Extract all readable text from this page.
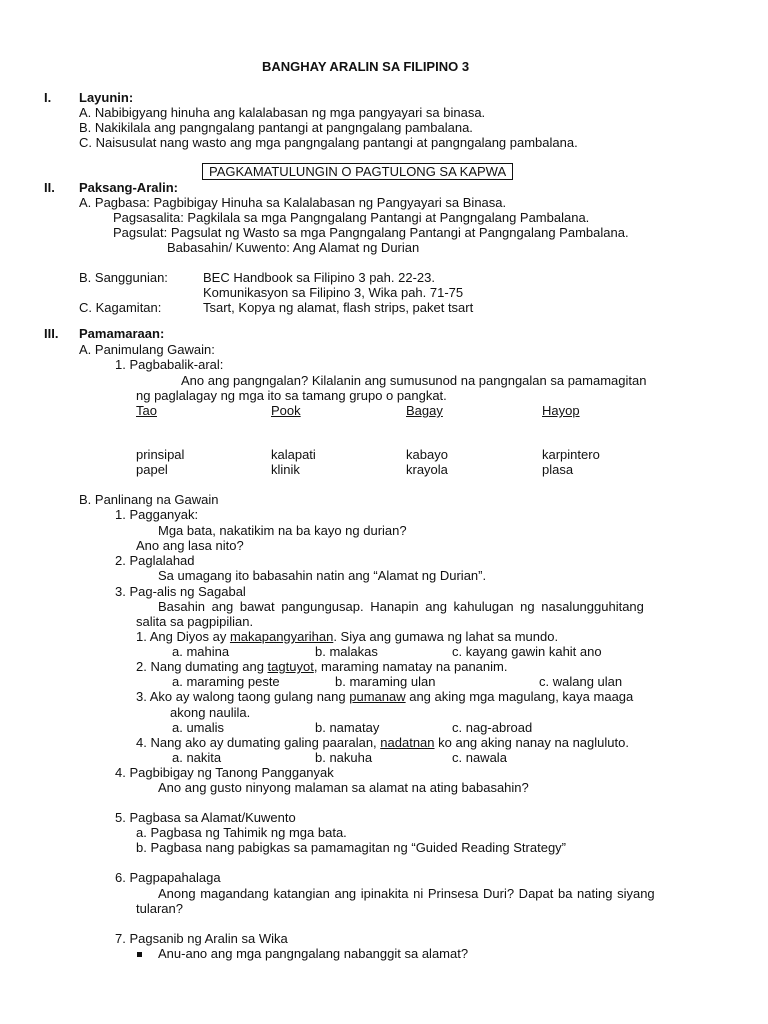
BANGHAY ARALIN SA FILIPINO 3
I. Layunin:
A. Nabibigyang hinuha ang kalalabasan ng mga pangyayari sa binasa.
B. Nakikilala ang pangngalang pantangi at pangngalang pambalana.
C. Naisusulat nang wasto ang mga pangngalang pantangi at pangngalang pambalana.
PAGKAMATULUNGIN O PAGTULONG SA KAPWA
II. Paksang-Aralin:
A. Pagbasa: Pagbibigay Hinuha sa Kalalabasan ng Pangyayari sa Binasa.
Pagsasalita: Pagkilala sa mga Pangngalang Pantangi at Pangngalang Pambalana.
Pagsulat: Pagsulat ng Wasto sa mga Pangngalang Pantangi at Pangngalang Pambalana.
Babasahin/ Kuwento: Ang Alamat ng Durian
B. Sanggunian:	BEC Handbook sa Filipino 3 pah. 22-23.
Komunikasyon sa Filipino 3, Wika pah. 71-75
C. Kagamitan:	Tsart, Kopya ng alamat, flash strips, paket tsart
III. Pamamaraan:
A. Panimulang Gawain:
1. Pagbabalik-aral:
Ano ang pangngalan? Kilalanin ang sumusunod na pangngalan sa pamamagitan
ng paglalagay ng mga ito sa tamang grupo o pangkat.
Tao	Pook	Bagay	Hayop
prinsipal	kalapati	kabayo	karpintero
papel	klinik	krayola	plasa
B. Panlinang na Gawain
1. Pagganyak:
Mga bata, nakatikim na ba kayo ng durian?
Ano ang lasa nito?
2. Paglalahad
Sa umagang ito babasahin natin ang “Alamat ng Durian”.
3. Pag-alis ng Sagabal
Basahin ang bawat pangungusap. Hanapin ang kahulugan ng nasalungguhitang
salita sa pagpipilian.
1. Ang Diyos ay makapangyarihan. Siya ang gumawa ng lahat sa mundo.
a. mahina	b. malakas	c. kayang gawin kahit ano
2. Nang dumating ang tagtuyot, maraming namatay na pananim.
a. maraming peste	b. maraming ulan	c. walang ulan
3. Ako ay walong taong gulang nang pumanaw ang aking mga magulang, kaya maaga
akong naulila.
a. umalis	b. namatay	c. nag-abroad
4. Nang ako ay dumating galing paaralan, nadatnan ko ang aking nanay na nagluluto.
a. nakita	b. nakuha	c. nawala
4. Pagbibigay ng Tanong Pangganyak
Ano ang gusto ninyong malaman sa alamat na ating babasahin?
5. Pagbasa sa Alamat/Kuwento
a. Pagbasa ng Tahimik ng mga bata.
b. Pagbasa nang pabigkas sa pamamagitan ng “Guided Reading Strategy”
6. Pagpapahalaga
Anong magandang katangian ang ipinakita ni Prinsesa Duri? Dapat ba nating siyang
tularan?
7. Pagsanib ng Aralin sa Wika
Anu-ano ang mga pangngalang nabanggit sa alamat?
